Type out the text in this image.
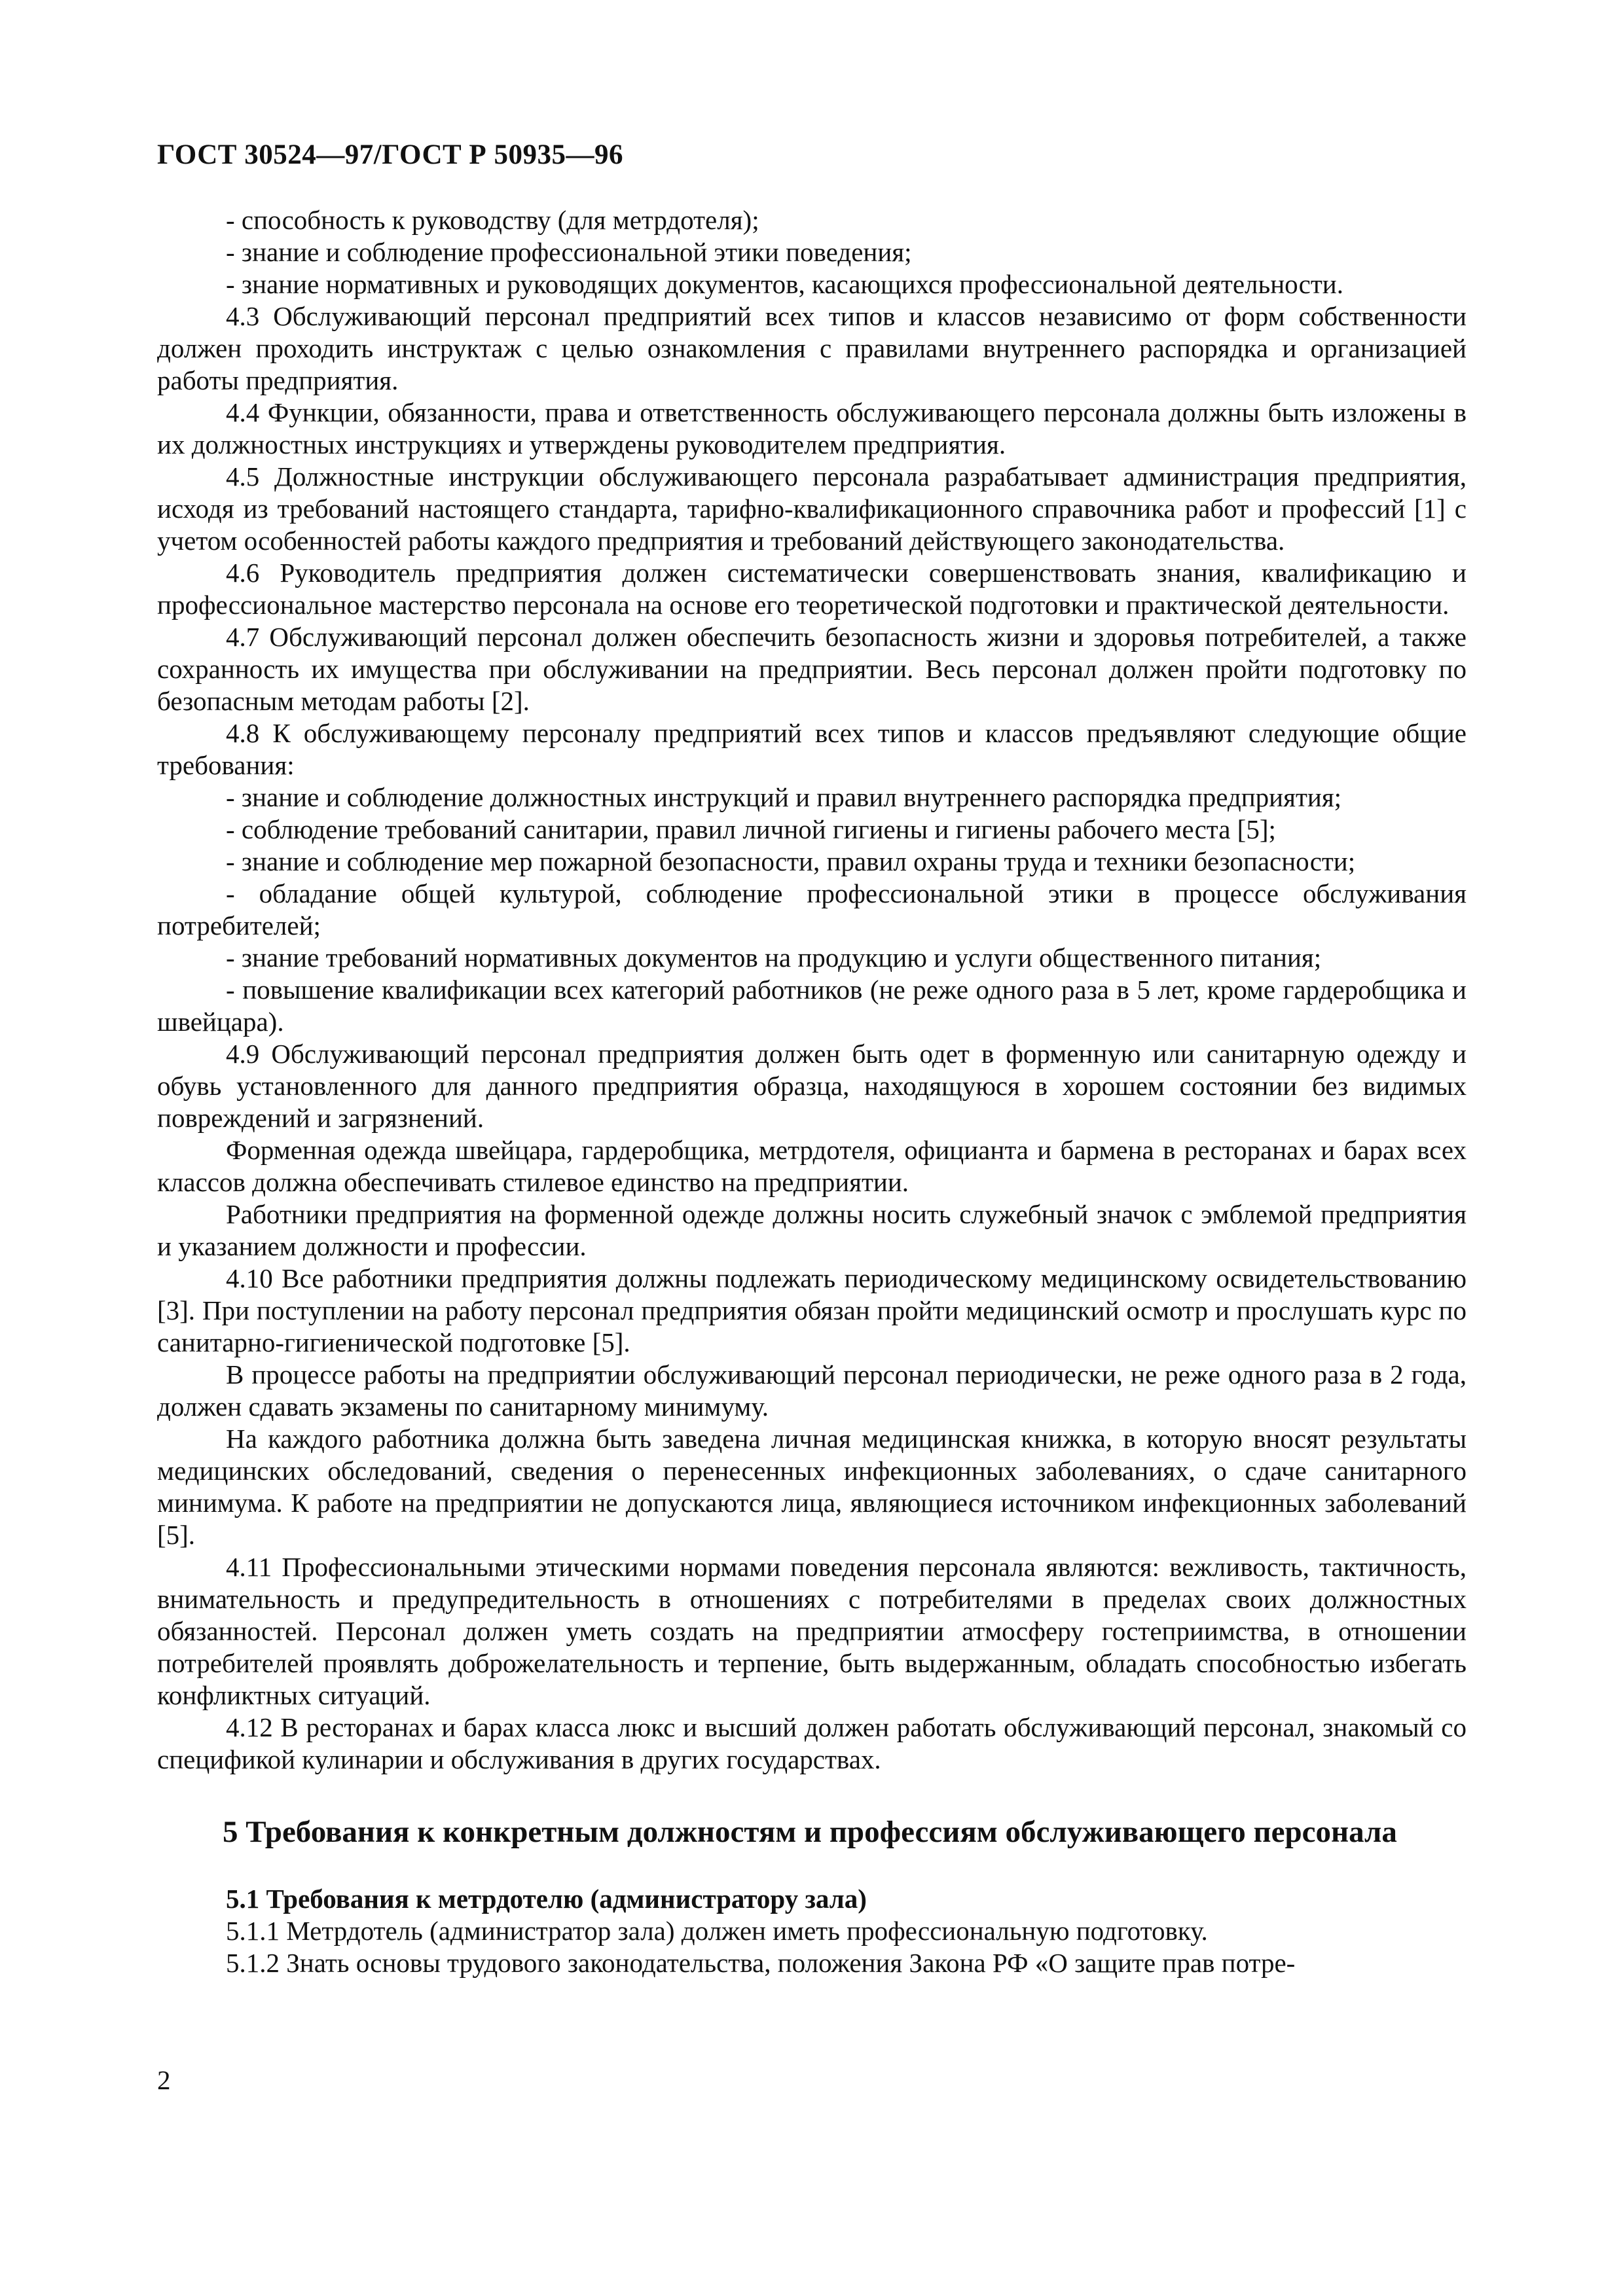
ГОСТ 30524—97/ГОСТ Р 50935—96

- способность к руководству (для метрдотеля);

- знание и соблюдение профессиональной этики поведения;

- знание нормативных и руководящих документов, касающихся профессиональной деятельности.

4.3 Обслуживающий персонал предприятий всех типов и классов независимо от форм собственности должен проходить инструктаж с целью ознакомления с правилами внутреннего распорядка и организацией работы предприятия.

4.4 Функции, обязанности, права и ответственность обслуживающего персонала должны быть изложены в их должностных инструкциях и утверждены руководителем предприятия.

4.5 Должностные инструкции обслуживающего персонала разрабатывает администрация предприятия, исходя из требований настоящего стандарта, тарифно-квалификационного справочника работ и профессий [1] с учетом особенностей работы каждого предприятия и требований действующего законодательства.

4.6 Руководитель предприятия должен систематически совершенствовать знания, квалификацию и профессиональное мастерство персонала на основе его теоретической подготовки и практической деятельности.

4.7 Обслуживающий персонал должен обеспечить безопасность жизни и здоровья потребителей, а также сохранность их имущества при обслуживании на предприятии. Весь персонал должен пройти подготовку по безопасным методам работы [2].

4.8 К обслуживающему персоналу предприятий всех типов и классов предъявляют следующие общие требования:

- знание и соблюдение должностных инструкций и правил внутреннего распорядка предприятия;

- соблюдение требований санитарии, правил личной гигиены и гигиены рабочего места [5];

- знание и соблюдение мер пожарной безопасности, правил охраны труда и техники безопасности;

- обладание общей культурой, соблюдение профессиональной этики в процессе обслуживания потребителей;

- знание требований нормативных документов на продукцию и услуги общественного питания;

- повышение квалификации всех категорий работников (не реже одного раза в 5 лет, кроме гардеробщика и швейцара).

4.9 Обслуживающий персонал предприятия должен быть одет в форменную или санитарную одежду и обувь установленного для данного предприятия образца, находящуюся в хорошем состоянии без видимых повреждений и загрязнений.

Форменная одежда швейцара, гардеробщика, метрдотеля, официанта и бармена в ресторанах и барах всех классов должна обеспечивать стилевое единство на предприятии.

Работники предприятия на форменной одежде должны носить служебный значок с эмблемой предприятия и указанием должности и профессии.

4.10 Все работники предприятия должны подлежать периодическому медицинскому освидетельствованию [3]. При поступлении на работу персонал предприятия обязан пройти медицинский осмотр и прослушать курс по санитарно-гигиенической подготовке [5].

В процессе работы на предприятии обслуживающий персонал периодически, не реже одного раза в 2 года, должен сдавать экзамены по санитарному минимуму.

На каждого работника должна быть заведена личная медицинская книжка, в которую вносят результаты медицинских обследований, сведения о перенесенных инфекционных заболеваниях, о сдаче санитарного минимума. К работе на предприятии не допускаются лица, являющиеся источником инфекционных заболеваний [5].

4.11 Профессиональными этическими нормами поведения персонала являются: вежливость, тактичность, внимательность и предупредительность в отношениях с потребителями в пределах своих должностных обязанностей. Персонал должен уметь создать на предприятии атмосферу гостеприимства, в отношении потребителей проявлять доброжелательность и терпение, быть выдержанным, обладать способностью избегать конфликтных ситуаций.

4.12 В ресторанах и барах класса люкс и высший должен работать обслуживающий персонал, знакомый со спецификой кулинарии и обслуживания в других государствах.

5 Требования к конкретным должностям и профессиям обслуживающего персонала
5.1 Требования к метрдотелю (администратору зала)

5.1.1 Метрдотель (администратор зала) должен иметь профессиональную подготовку.

5.1.2 Знать основы трудового законодательства, положения Закона РФ «О защите прав потре-

2
